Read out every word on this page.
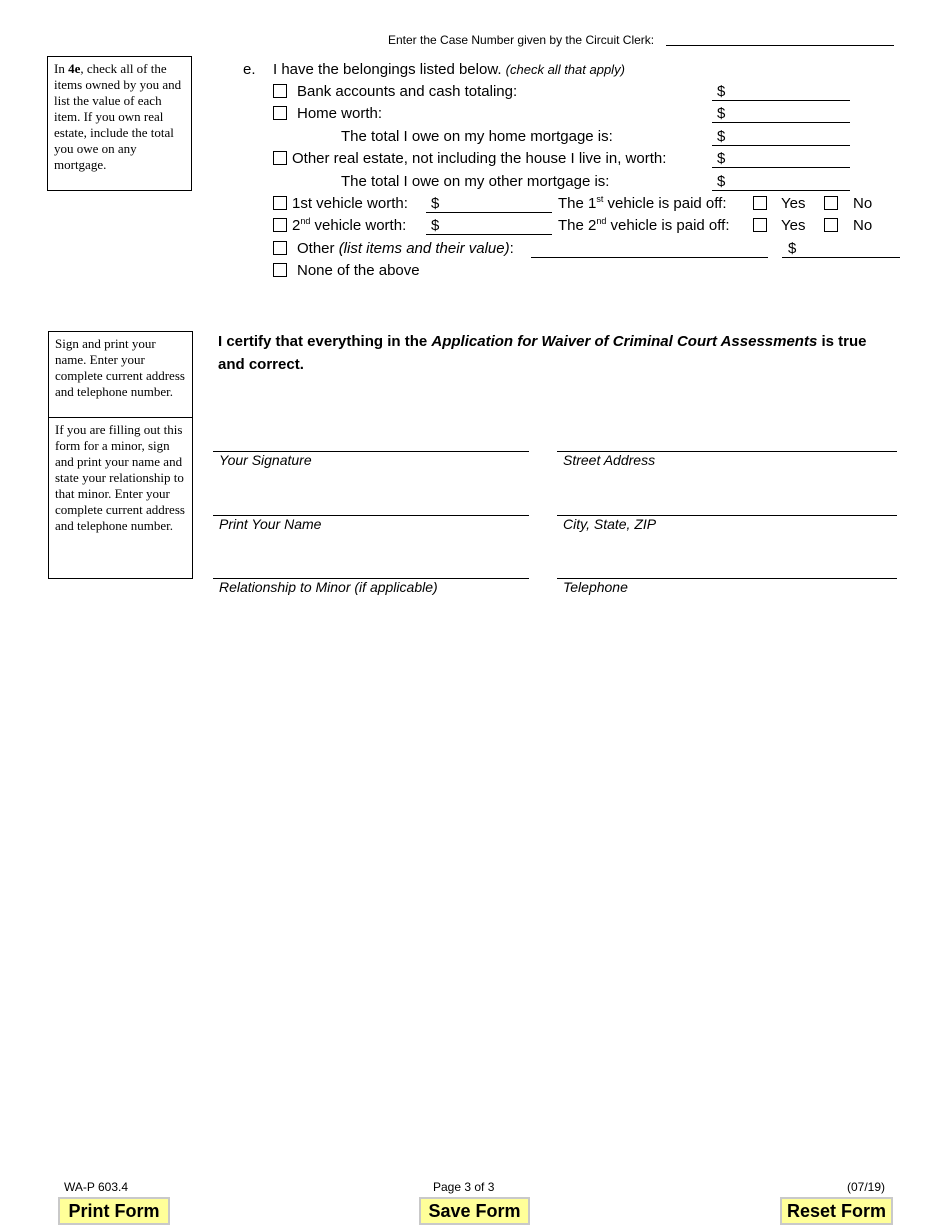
Enter the Case Number given by the Circuit Clerk:
In 4e, check all of the items owned by you and list the value of each item. If you own real estate, include the total you owe on any mortgage.
e. I have the belongings listed below. (check all that apply)
Bank accounts and cash totaling:	$
Home worth:	$
The total I owe on my home mortgage is:	$
Other real estate, not including the house I live in, worth:	$
The total I owe on my other mortgage is:	$
1st vehicle worth: $	The 1st vehicle is paid off:	Yes	No
2nd vehicle worth: $	The 2nd vehicle is paid off:	Yes	No
Other (list items and their value):	$
None of the above
Sign and print your name. Enter your complete current address and telephone number.
If you are filling out this form for a minor, sign and print your name and state your relationship to that minor. Enter your complete current address and telephone number.
I certify that everything in the Application for Waiver of Criminal Court Assessments is true and correct.
Your Signature	Street Address
Print Your Name	City, State, ZIP
Relationship to Minor (if applicable)	Telephone
WA-P 603.4	Page 3 of 3	(07/19)
Print Form	Save Form	Reset Form
